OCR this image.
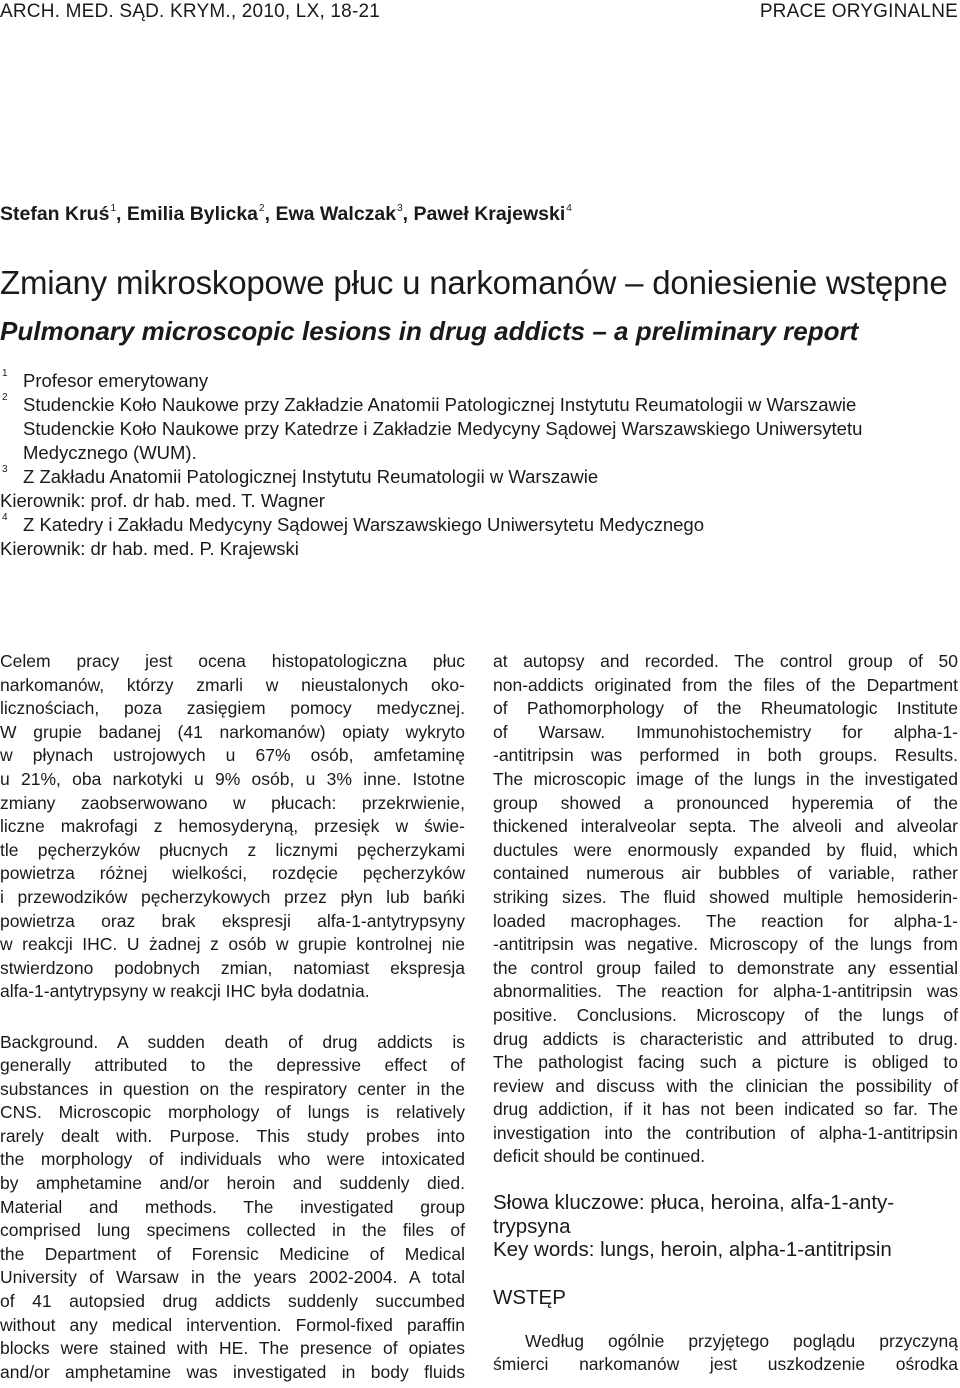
ARCH. MED. SĄD. KRYM., 2010, LX, 18-21	PRACE ORYGINALNE
Stefan Kruś$^1$, Emilia Bylicka$^2$, Ewa Walczak$^3$, Paweł Krajewski$^4$
Zmiany mikroskopowe płuc u narkomanów – doniesienie wstępne
Pulmonary microscopic lesions in drug addicts – a preliminary report
1 Profesor emerytowany
2 Studenckie Koło Naukowe przy Zakładzie Anatomii Patologicznej Instytutu Reumatologii w Warszawie
Studenckie Koło Naukowe przy Katedrze i Zakładzie Medycyny Sądowej Warszawskiego Uniwersytetu
Medycznego (WUM).
3 Z Zakładu Anatomii Patologicznej Instytutu Reumatologii w Warszawie
Kierownik: prof. dr hab. med. T. Wagner
4 Z Katedry i Zakładu Medycyny Sądowej Warszawskiego Uniwersytetu Medycznego
Kierownik: dr hab. med. P. Krajewski
Celem pracy jest ocena histopatologiczna płuc
narkomanów, którzy zmarli w nieustalonych oko-
licznościach, poza zasięgiem pomocy medycznej.
W grupie badanej (41 narkomanów) opiaty wykryto
w płynach ustrojowych u 67% osób, amfetaminę
u 21%, oba narkotyki u 9% osób, u 3% inne. Istotne
zmiany zaobserwowano w płucach: przekrwienie,
liczne makrofagi z hemosyderyną, przesięk w świe-
tle pęcherzyków płucnych z licznymi pęcherzykami
powietrza różnej wielkości, rozdęcie pęcherzyków
i przewodzików pęcherzykowych przez płyn lub bańki
powietrza oraz brak ekspresji alfa-1-antytrypsyny
w reakcji IHC. U żadnej z osób w grupie kontrolnej nie
stwierdzono podobnych zmian, natomiast ekspresja
alfa-1-antytrypsyny w reakcji IHC była dodatnia.
Background. A sudden death of drug addicts is
generally attributed to the depressive effect of
substances in question on the respiratory center in the
CNS. Microscopic morphology of lungs is relatively
rarely dealt with. Purpose. This study probes into
the morphology of individuals who were intoxicated
by amphetamine and/or heroin and suddenly died.
Material and methods. The investigated group
comprised lung specimens collected in the files of
the Department of Forensic Medicine of Medical
University of Warsaw in the years 2002-2004. A total
of 41 autopsied drug addicts suddenly succumbed
without any medical intervention. Formol-fixed paraffin
blocks were stained with HE. The presence of opiates
and/or amphetamine was investigated in body fluids
at autopsy and recorded. The control group of 50
non-addicts originated from the files of the Department
of Pathomorphology of the Rheumatologic Institute
of Warsaw. Immunohistochemistry for alpha-1-
-antitripsin was performed in both groups. Results.
The microscopic image of the lungs in the investigated
group showed a pronounced hyperemia of the
thickened interalveolar septa. The alveoli and alveolar
ductules were enormously expanded by fluid, which
contained numerous air bubbles of variable, rather
striking sizes. The fluid showed multiple hemosiderin-
loaded macrophages. The reaction for alpha-1-
-antitripsin was negative. Microscopy of the lungs from
the control group failed to demonstrate any essential
abnormalities. The reaction for alpha-1-antitripsin was
positive. Conclusions. Microscopy of the lungs of
drug addicts is characteristic and attributed to drug.
The pathologist facing such a picture is obliged to
review and discuss with the clinician the possibility of
drug addiction, if it has not been indicated so far. The
investigation into the contribution of alpha-1-antitripsin
deficit should be continued.
Słowa kluczowe: płuca, heroina, alfa-1-anty-
trypsyna
Key words: lungs, heroin, alpha-1-antitripsin
WSTĘP
Według ogólnie przyjętego poglądu przyczyną
śmierci narkomanów jest uszkodzenie ośrodka
